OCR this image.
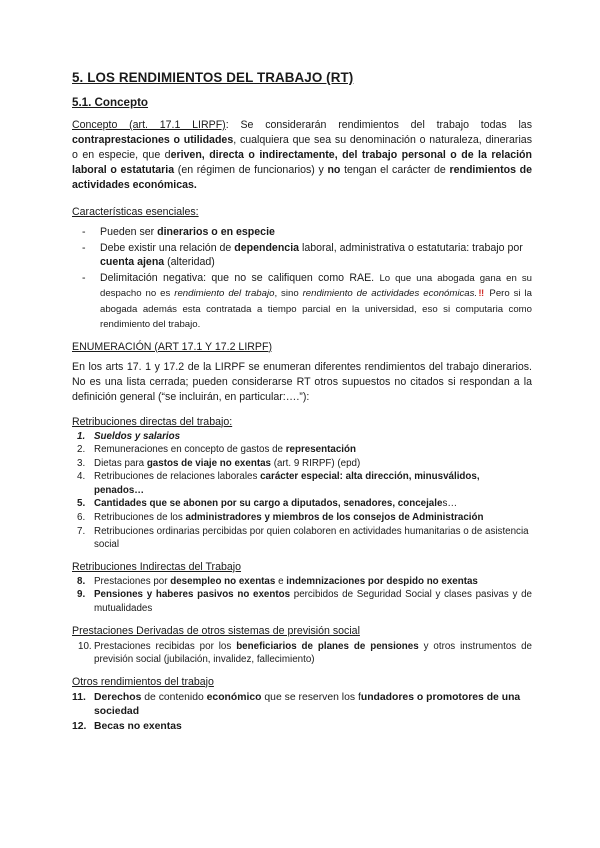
5. LOS RENDIMIENTOS DEL TRABAJO (RT)
5.1. Concepto

Concepto (art. 17.1 LIRPF): Se considerarán rendimientos del trabajo todas las contraprestaciones o utilidades, cualquiera que sea su denominación o naturaleza, dinerarias o en especie, que deriven, directa o indirectamente, del trabajo personal o de la relación laboral o estatutaria (en régimen de funcionarios) y no tengan el carácter de rendimientos de actividades económicas.

Características esenciales:
- Pueden ser dinerarios o en especie
- Debe existir una relación de dependencia laboral, administrativa o estatutaria: trabajo por cuenta ajena (alteridad)
- Delimitación negativa: que no se califiquen como RAE. Lo que una abogada gana en su despacho no es rendimiento del trabajo, sino rendimiento de actividades económicas.‼ Pero si la abogada además esta contratada a tiempo parcial en la universidad, eso si computaria como rendimiento del trabajo.
ENUMERACIÓN (ART 17.1 Y 17.2 LIRPF)

En los arts 17. 1 y 17.2 de la LIRPF se enumeran diferentes rendimientos del trabajo dinerarios. No es una lista cerrada; pueden considerarse RT otros supuestos no citados si respondan a la definición general (“se incluirán, en particular:….”):

Retribuciones directas del trabajo:
1. Sueldos y salarios
2. Remuneraciones en concepto de gastos de representación
3. Dietas para gastos de viaje no exentas (art. 9 RIRPF) (epd)
4. Retribuciones de relaciones laborales carácter especial: alta dirección, minusválidos, penados…
5. Cantidades que se abonen por su cargo a diputados, senadores, concejales…
6. Retribuciones de los administradores y miembros de los consejos de Administración
7. Retribuciones ordinarias percibidas por quien colaboren en actividades humanitarias o de asistencia social
Retribuciones Indirectas del Trabajo
8. Prestaciones por desempleo no exentas e indemnizaciones por despido no exentas
9. Pensiones y haberes pasivos no exentos percibidos de Seguridad Social y clases pasivas y de mutualidades
Prestaciones Derivadas de otros sistemas de previsión social
10. Prestaciones recibidas por los beneficiarios de planes de pensiones y otros instrumentos de previsión social (jubilación, invalidez, fallecimiento)
Otros rendimientos del trabajo
11. Derechos de contenido económico que se reserven los fundadores o promotores de una sociedad
12. Becas no exentas
